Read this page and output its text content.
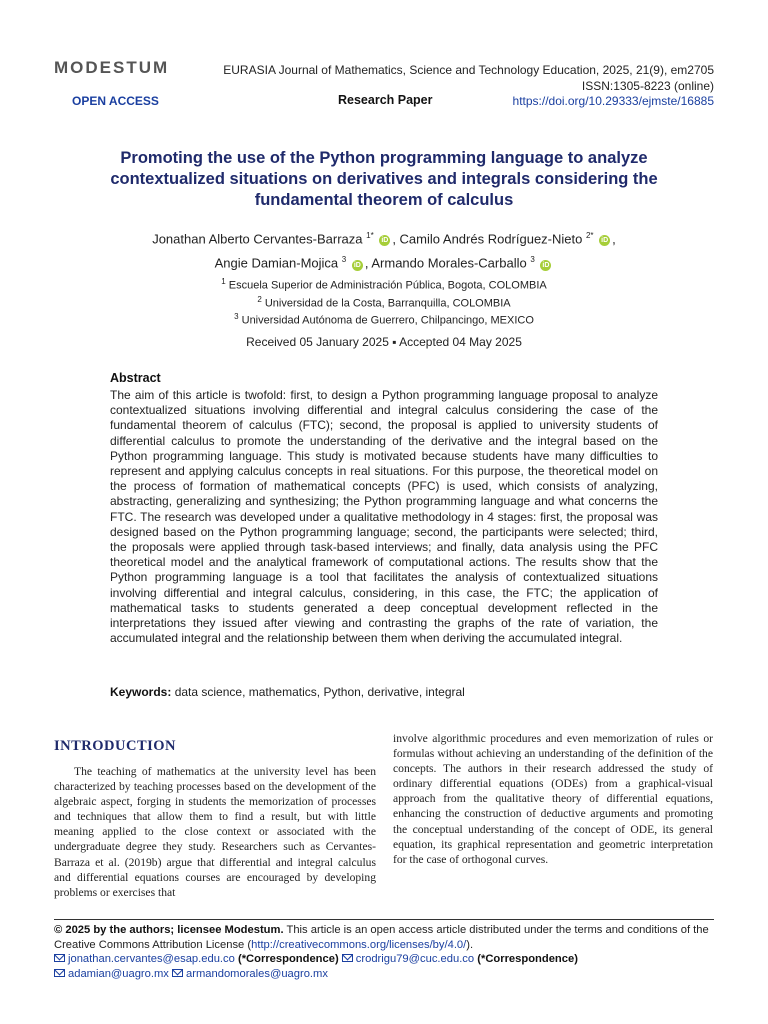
MODESTUM	EURASIA Journal of Mathematics, Science and Technology Education, 2025, 21(9), em2705
ISSN:1305-8223 (online)
OPEN ACCESS	Research Paper	https://doi.org/10.29333/ejmste/16885
Promoting the use of the Python programming language to analyze contextualized situations on derivatives and integrals considering the fundamental theorem of calculus
Jonathan Alberto Cervantes-Barraza $^{1*}$ iD , Camilo Andrés Rodríguez-Nieto $^{2*}$ iD ,
Angie Damian-Mojica $^3$ iD , Armando Morales-Carballo $^3$ iD
$^1$ Escuela Superior de Administración Pública, Bogota, COLOMBIA
$^2$ Universidad de la Costa, Barranquilla, COLOMBIA
$^3$ Universidad Autónoma de Guerrero, Chilpancingo, MEXICO
Received 05 January 2025 ▪ Accepted 04 May 2025
Abstract
The aim of this article is twofold: first, to design a Python programming language proposal to analyze contextualized situations involving differential and integral calculus considering the case of the fundamental theorem of calculus (FTC); second, the proposal is applied to university students of differential calculus to promote the understanding of the derivative and the integral based on the Python programming language. This study is motivated because students have many difficulties to represent and applying calculus concepts in real situations. For this purpose, the theoretical model on the process of formation of mathematical concepts (PFC) is used, which consists of analyzing, abstracting, generalizing and synthesizing; the Python programming language and what concerns the FTC. The research was developed under a qualitative methodology in 4 stages: first, the proposal was designed based on the Python programming language; second, the participants were selected; third, the proposals were applied through task-based interviews; and finally, data analysis using the PFC theoretical model and the analytical framework of computational actions. The results show that the Python programming language is a tool that facilitates the analysis of contextualized situations involving differential and integral calculus, considering, in this case, the FTC; the application of mathematical tasks to students generated a deep conceptual development reflected in the interpretations they issued after viewing and contrasting the graphs of the rate of variation, the accumulated integral and the relationship between them when deriving the accumulated integral.
Keywords: data science, mathematics, Python, derivative, integral
INTRODUCTION
The teaching of mathematics at the university level has been characterized by teaching processes based on the development of the algebraic aspect, forging in students the memorization of processes and techniques that allow them to find a result, but with little meaning applied to the close context or associated with the undergraduate degree they study. Researchers such as Cervantes-Barraza et al. (2019b) argue that differential and integral calculus and differential equations courses are encouraged by developing problems or exercises that
involve algorithmic procedures and even memorization of rules or formulas without achieving an understanding of the definition of the concepts. The authors in their research addressed the study of ordinary differential equations (ODEs) from a graphical-visual approach from the qualitative theory of differential equations, enhancing the construction of deductive arguments and promoting the conceptual understanding of the concept of ODE, its general equation, its graphical representation and geometric interpretation for the case of orthogonal curves.
© 2025 by the authors; licensee Modestum. This article is an open access article distributed under the terms and conditions of the Creative Commons Attribution License (http://creativecommons.org/licenses/by/4.0/).
jonathan.cervantes@esap.edu.co (*Correspondence) crodrigu79@cuc.edu.co (*Correspondence)
adamian@uagro.mx armandomorales@uagro.mx
